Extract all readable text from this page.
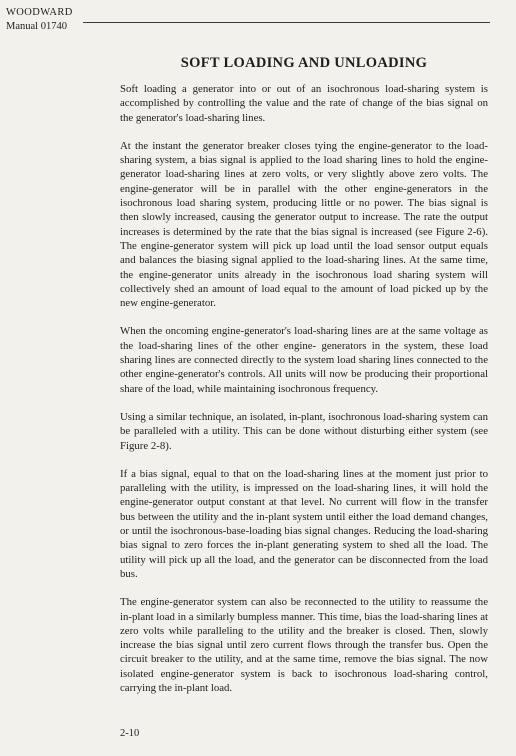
WOODWARD
Manual 01740
SOFT LOADING AND UNLOADING

Soft loading a generator into or out of an isochronous load-sharing system is accomplished by controlling the value and the rate of change of the bias signal on the generator's load-sharing lines.

At the instant the generator breaker closes tying the engine-generator to the load-sharing system, a bias signal is applied to the load sharing lines to hold the engine-generator load-sharing lines at zero volts, or very slightly above zero volts. The engine-generator will be in parallel with the other engine-generators in the isochronous load sharing system, producing little or no power. The bias signal is then slowly increased, causing the generator output to increase. The rate the output increases is determined by the rate that the bias signal is increased (see Figure 2-6). The engine-generator system will pick up load until the load sensor output equals and balances the biasing signal applied to the load-sharing lines. At the same time, the engine-generator units already in the isochronous load sharing system will collectively shed an amount of load equal to the amount of load picked up by the new engine-generator.

When the oncoming engine-generator's load-sharing lines are at the same voltage as the load-sharing lines of the other engine- generators in the system, these load sharing lines are connected directly to the system load sharing lines connected to the other engine-generator's controls. All units will now be producing their proportional share of the load, while maintaining isochronous frequency.

Using a similar technique, an isolated, in-plant, isochronous load-sharing system can be paralleled with a utility. This can be done without disturbing either system (see Figure 2-8).

If a bias signal, equal to that on the load-sharing lines at the moment just prior to paralleling with the utility, is impressed on the load-sharing lines, it will hold the engine-generator output constant at that level. No current will flow in the transfer bus between the utility and the in-plant system until either the load demand changes, or until the isochronous-base-loading bias signal changes. Reducing the load-sharing bias signal to zero forces the in-plant generating system to shed all the load. The utility will pick up all the load, and the generator can be disconnected from the load bus.

The engine-generator system can also be reconnected to the utility to reassume the in-plant load in a similarly bumpless manner. This time, bias the load-sharing lines at zero volts while paralleling to the utility and the breaker is closed. Then, slowly increase the bias signal until zero current flows through the transfer bus. Open the circuit breaker to the utility, and at the same time, remove the bias signal. The now isolated engine-generator system is back to isochronous load-sharing control, carrying the in-plant load.

2-10
